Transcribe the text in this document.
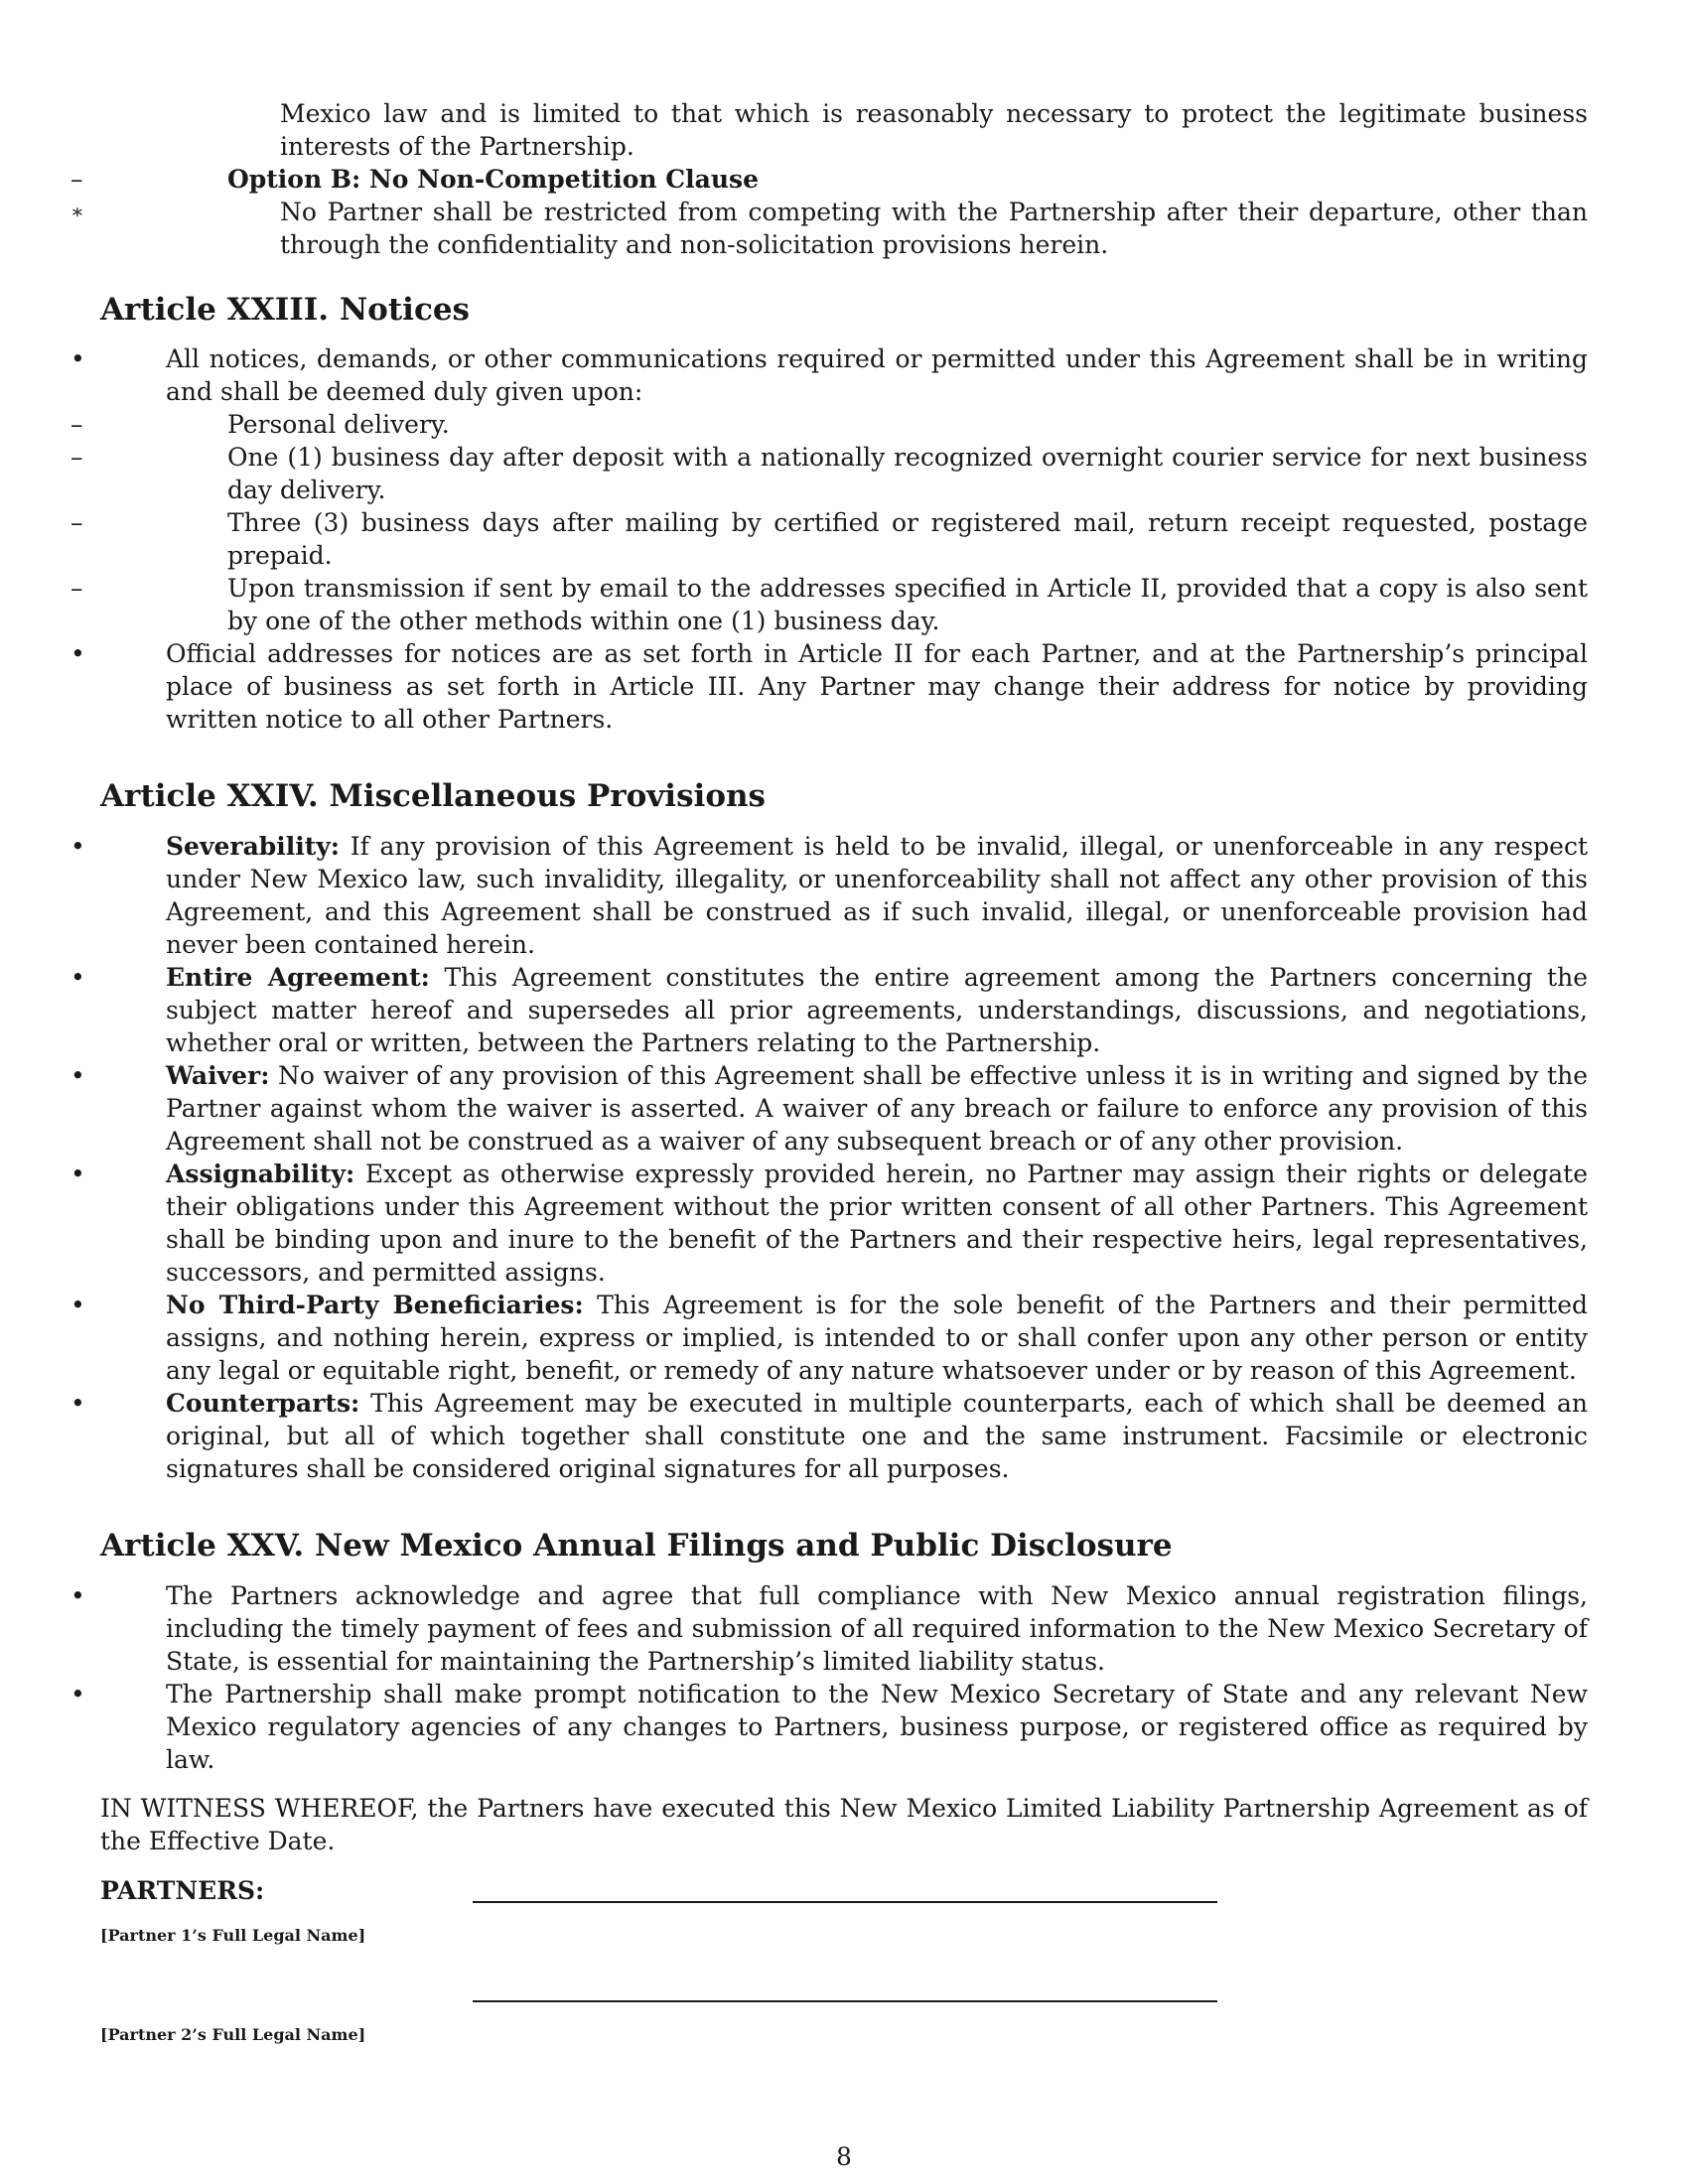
Mexico law and is limited to that which is reasonably necessary to protect the legitimate business interests of the Partnership.

–	Option B: No Non-Competition Clause
∗	No Partner shall be restricted from competing with the Partnership after their departure, other than through the confidentiality and non-solicitation provisions herein.
Article XXIII. Notices
•	All notices, demands, or other communications required or permitted under this Agreement shall be in writing and shall be deemed duly given upon:
–	Personal delivery.
–	One (1) business day after deposit with a nationally recognized overnight courier service for next business day delivery.
–	Three (3) business days after mailing by certified or registered mail, return receipt requested, postage prepaid.
–	Upon transmission if sent by email to the addresses specified in Article II, provided that a copy is also sent by one of the other methods within one (1) business day.
•	Official addresses for notices are as set forth in Article II for each Partner, and at the Partnership’s principal place of business as set forth in Article III. Any Partner may change their address for notice by providing written notice to all other Partners.
Article XXIV. Miscellaneous Provisions
•	Severability: If any provision of this Agreement is held to be invalid, illegal, or unenforceable in any respect under New Mexico law, such invalidity, illegality, or unenforceability shall not affect any other provision of this Agreement, and this Agreement shall be construed as if such invalid, illegal, or unenforceable provision had never been contained herein.
•	Entire Agreement: This Agreement constitutes the entire agreement among the Partners concerning the subject matter hereof and supersedes all prior agreements, understandings, discussions, and negotiations, whether oral or written, between the Partners relating to the Partnership.
•	Waiver: No waiver of any provision of this Agreement shall be effective unless it is in writing and signed by the Partner against whom the waiver is asserted. A waiver of any breach or failure to enforce any provision of this Agreement shall not be construed as a waiver of any subsequent breach or of any other provision.
•	Assignability: Except as otherwise expressly provided herein, no Partner may assign their rights or delegate their obligations under this Agreement without the prior written consent of all other Partners. This Agreement shall be binding upon and inure to the benefit of the Partners and their respective heirs, legal representatives, successors, and permitted assigns.
•	No Third-Party Beneficiaries: This Agreement is for the sole benefit of the Partners and their permitted assigns, and nothing herein, express or implied, is intended to or shall confer upon any other person or entity any legal or equitable right, benefit, or remedy of any nature whatsoever under or by reason of this Agreement.
•	Counterparts: This Agreement may be executed in multiple counterparts, each of which shall be deemed an original, but all of which together shall constitute one and the same instrument. Facsimile or electronic signatures shall be considered original signatures for all purposes.
Article XXV. New Mexico Annual Filings and Public Disclosure
•	The Partners acknowledge and agree that full compliance with New Mexico annual registration filings, including the timely payment of fees and submission of all required information to the New Mexico Secretary of State, is essential for maintaining the Partnership’s limited liability status.
•	The Partnership shall make prompt notification to the New Mexico Secretary of State and any relevant New Mexico regulatory agencies of any changes to Partners, business purpose, or registered office as required by law.

IN WITNESS WHEREOF, the Partners have executed this New Mexico Limited Liability Partnership Agreement as of the Effective Date.

PARTNERS:

[Partner 1’s Full Legal Name]
[Partner 2’s Full Legal Name]
8
